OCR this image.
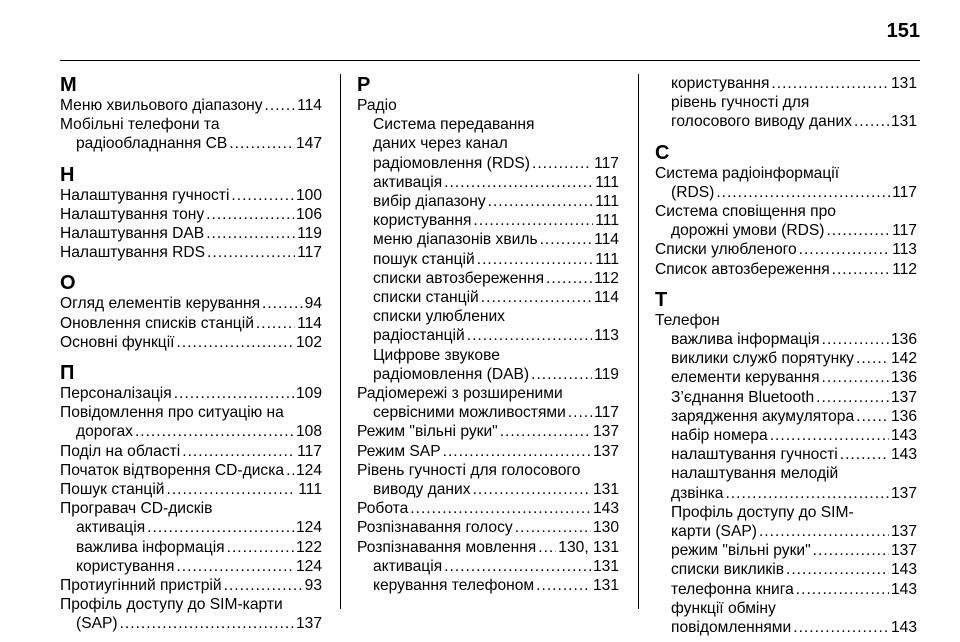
151
М
Меню хвильового діапазону ..... 114
Мобільні телефони та
радіообладнання СВ .....	147
Н
Налаштування гучності .....	100
Налаштування тону .....	106
Налаштування DAB .....	119
Налаштування RDS .....	117
О
Огляд елементів керування .....	94
Оновлення списків станцій .....	114
Основні функції .....	102
П
Персоналізація .....	109
Повідомлення про ситуацію на
дорогах .....	108
Поділ на області .....	117
Початок відтворення CD-диска ..... 124
Пошук станцій .....	111
Програвач CD-дисків
активація .....	124
важлива інформація .....	122
користування .....	124
Протиугінний пристрій .....	93
Профіль доступу до SIM-карти
(SAP) .....	137
Р
Радіо
Система передавання
даних через канал
радіомовлення (RDS) .....	117
активація .....	111
вибір діапазону .....	111
користування .....	111
меню діапазонів хвиль .....	114
пошук станцій .....	111
списки автозбереження .....	112
списки станцій .....	114
списки улюблених
радіостанцій .....	113
Цифрове звукове
радіомовлення (DAB) .....	119
Радіомережі з розширеними
сервісними можливостями ..... 117
Режим "вільні руки" .....	137
Режим SAP .....	137
Рівень гучності для голосового
виводу даних .....	131
Робота .....	143
Розпізнавання голосу .....	130
Розпізнавання мовлення ..... 130, 131
активація .....	131
керування телефоном .....	131
користування .....	131
рівень гучності для
голосового виводу даних .....	131
С
Система радіоінформації
(RDS) .....	117
Система сповіщення про
дорожні умови (RDS) .....	117
Списки улюбленого .....	113
Список автозбереження .....	112
Т
Телефон
важлива інформація .....	136
виклики служб порятунку ..... 142
елементи керування .....	136
З’єднання Bluetooth .....	137
зарядження акумулятора ..... 136
набір номера .....	143
налаштування гучності .....	143
налаштування мелодій
дзвінка .....	137
Профіль доступу до SIM-
карти (SAP) .....	137
режим "вільні руки" .....	137
списки викликів .....	143
телефонна книга .....	143
функції обміну
повідомленнями .....	143
